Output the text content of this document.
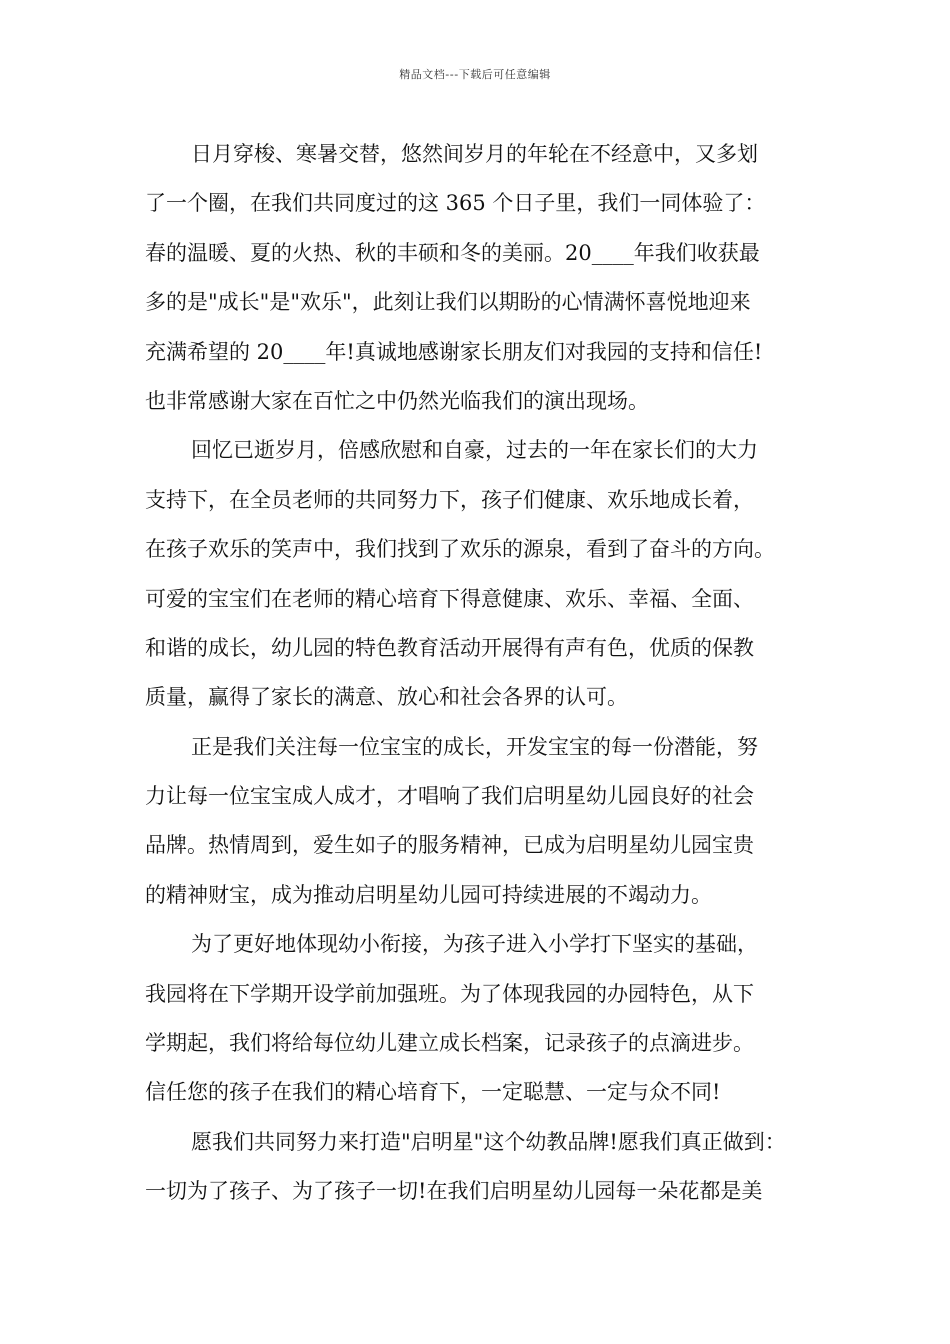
精品文档---下载后可任意编辑
日月穿梭、寒暑交替，悠然间岁月的年轮在不经意中，又多划
了一个圈，在我们共同度过的这 365 个日子里，我们一同体验了：
春的温暖、夏的火热、秋的丰硕和冬的美丽。20____年我们收获最
多的是"成长"是"欢乐"，此刻让我们以期盼的心情满怀喜悦地迎来
充满希望的 20____年!真诚地感谢家长朋友们对我园的支持和信任!
也非常感谢大家在百忙之中仍然光临我们的演出现场。
回忆已逝岁月，倍感欣慰和自豪，过去的一年在家长们的大力
支持下，在全员老师的共同努力下，孩子们健康、欢乐地成长着，
在孩子欢乐的笑声中，我们找到了欢乐的源泉，看到了奋斗的方向。
可爱的宝宝们在老师的精心培育下得意健康、欢乐、幸福、全面、
和谐的成长，幼儿园的特色教育活动开展得有声有色，优质的保教
质量，赢得了家长的满意、放心和社会各界的认可。
正是我们关注每一位宝宝的成长，开发宝宝的每一份潜能，努
力让每一位宝宝成人成才，才唱响了我们启明星幼儿园良好的社会
品牌。热情周到，爱生如子的服务精神，已成为启明星幼儿园宝贵
的精神财宝，成为推动启明星幼儿园可持续进展的不竭动力。
为了更好地体现幼小衔接，为孩子进入小学打下坚实的基础，
我园将在下学期开设学前加强班。为了体现我园的办园特色，从下
学期起，我们将给每位幼儿建立成长档案，记录孩子的点滴进步。
信任您的孩子在我们的精心培育下，一定聪慧、一定与众不同!
愿我们共同努力来打造"启明星"这个幼教品牌!愿我们真正做到：
一切为了孩子、为了孩子一切!在我们启明星幼儿园每一朵花都是美
